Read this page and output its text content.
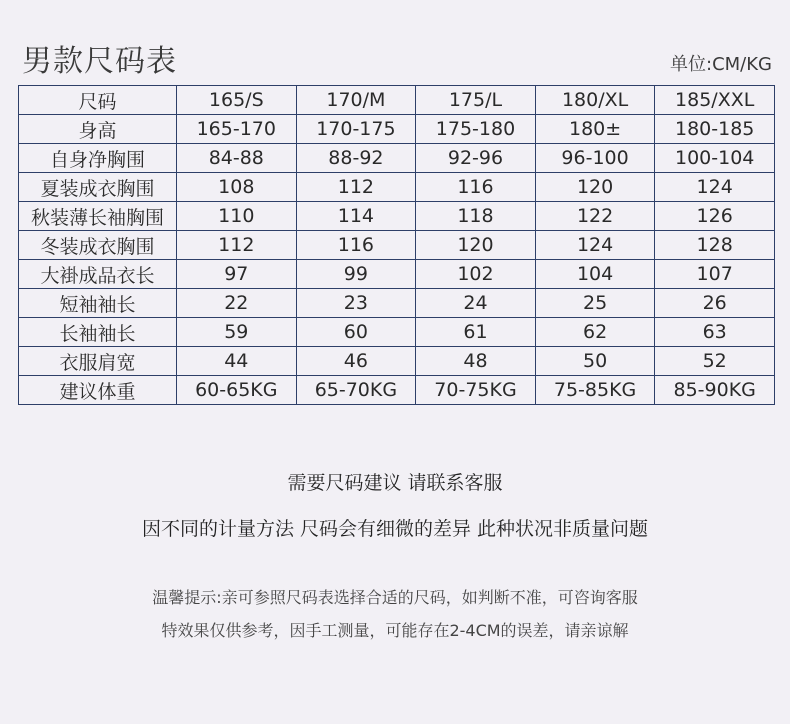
男款尺码表	单位:CM/KG
尺码	165/S	170/M	175/L	180/XL	185/XXL
身高	165-170	170-175	175-180	180±	180-185
自身净胸围	84-88	88-92	92-96	96-100	100-104
夏装成衣胸围	108	112	116	120	124
秋装薄长袖胸围	110	114	118	122	126
冬装成衣胸围	112	116	120	124	128
大褂成品衣长	97	99	102	104	107
短袖袖长	22	23	24	25	26
长袖袖长	59	60	61	62	63
衣服肩宽	44	46	48	50	52
建议体重	60-65KG	65-70KG	70-75KG	75-85KG	85-90KG
需要尺码建议 请联系客服
因不同的计量方法 尺码会有细微的差异 此种状况非质量问题
温馨提示:亲可参照尺码表选择合适的尺码，如判断不准，可咨询客服
特效果仅供参考，因手工测量，可能存在2-4CM的误差，请亲谅解
